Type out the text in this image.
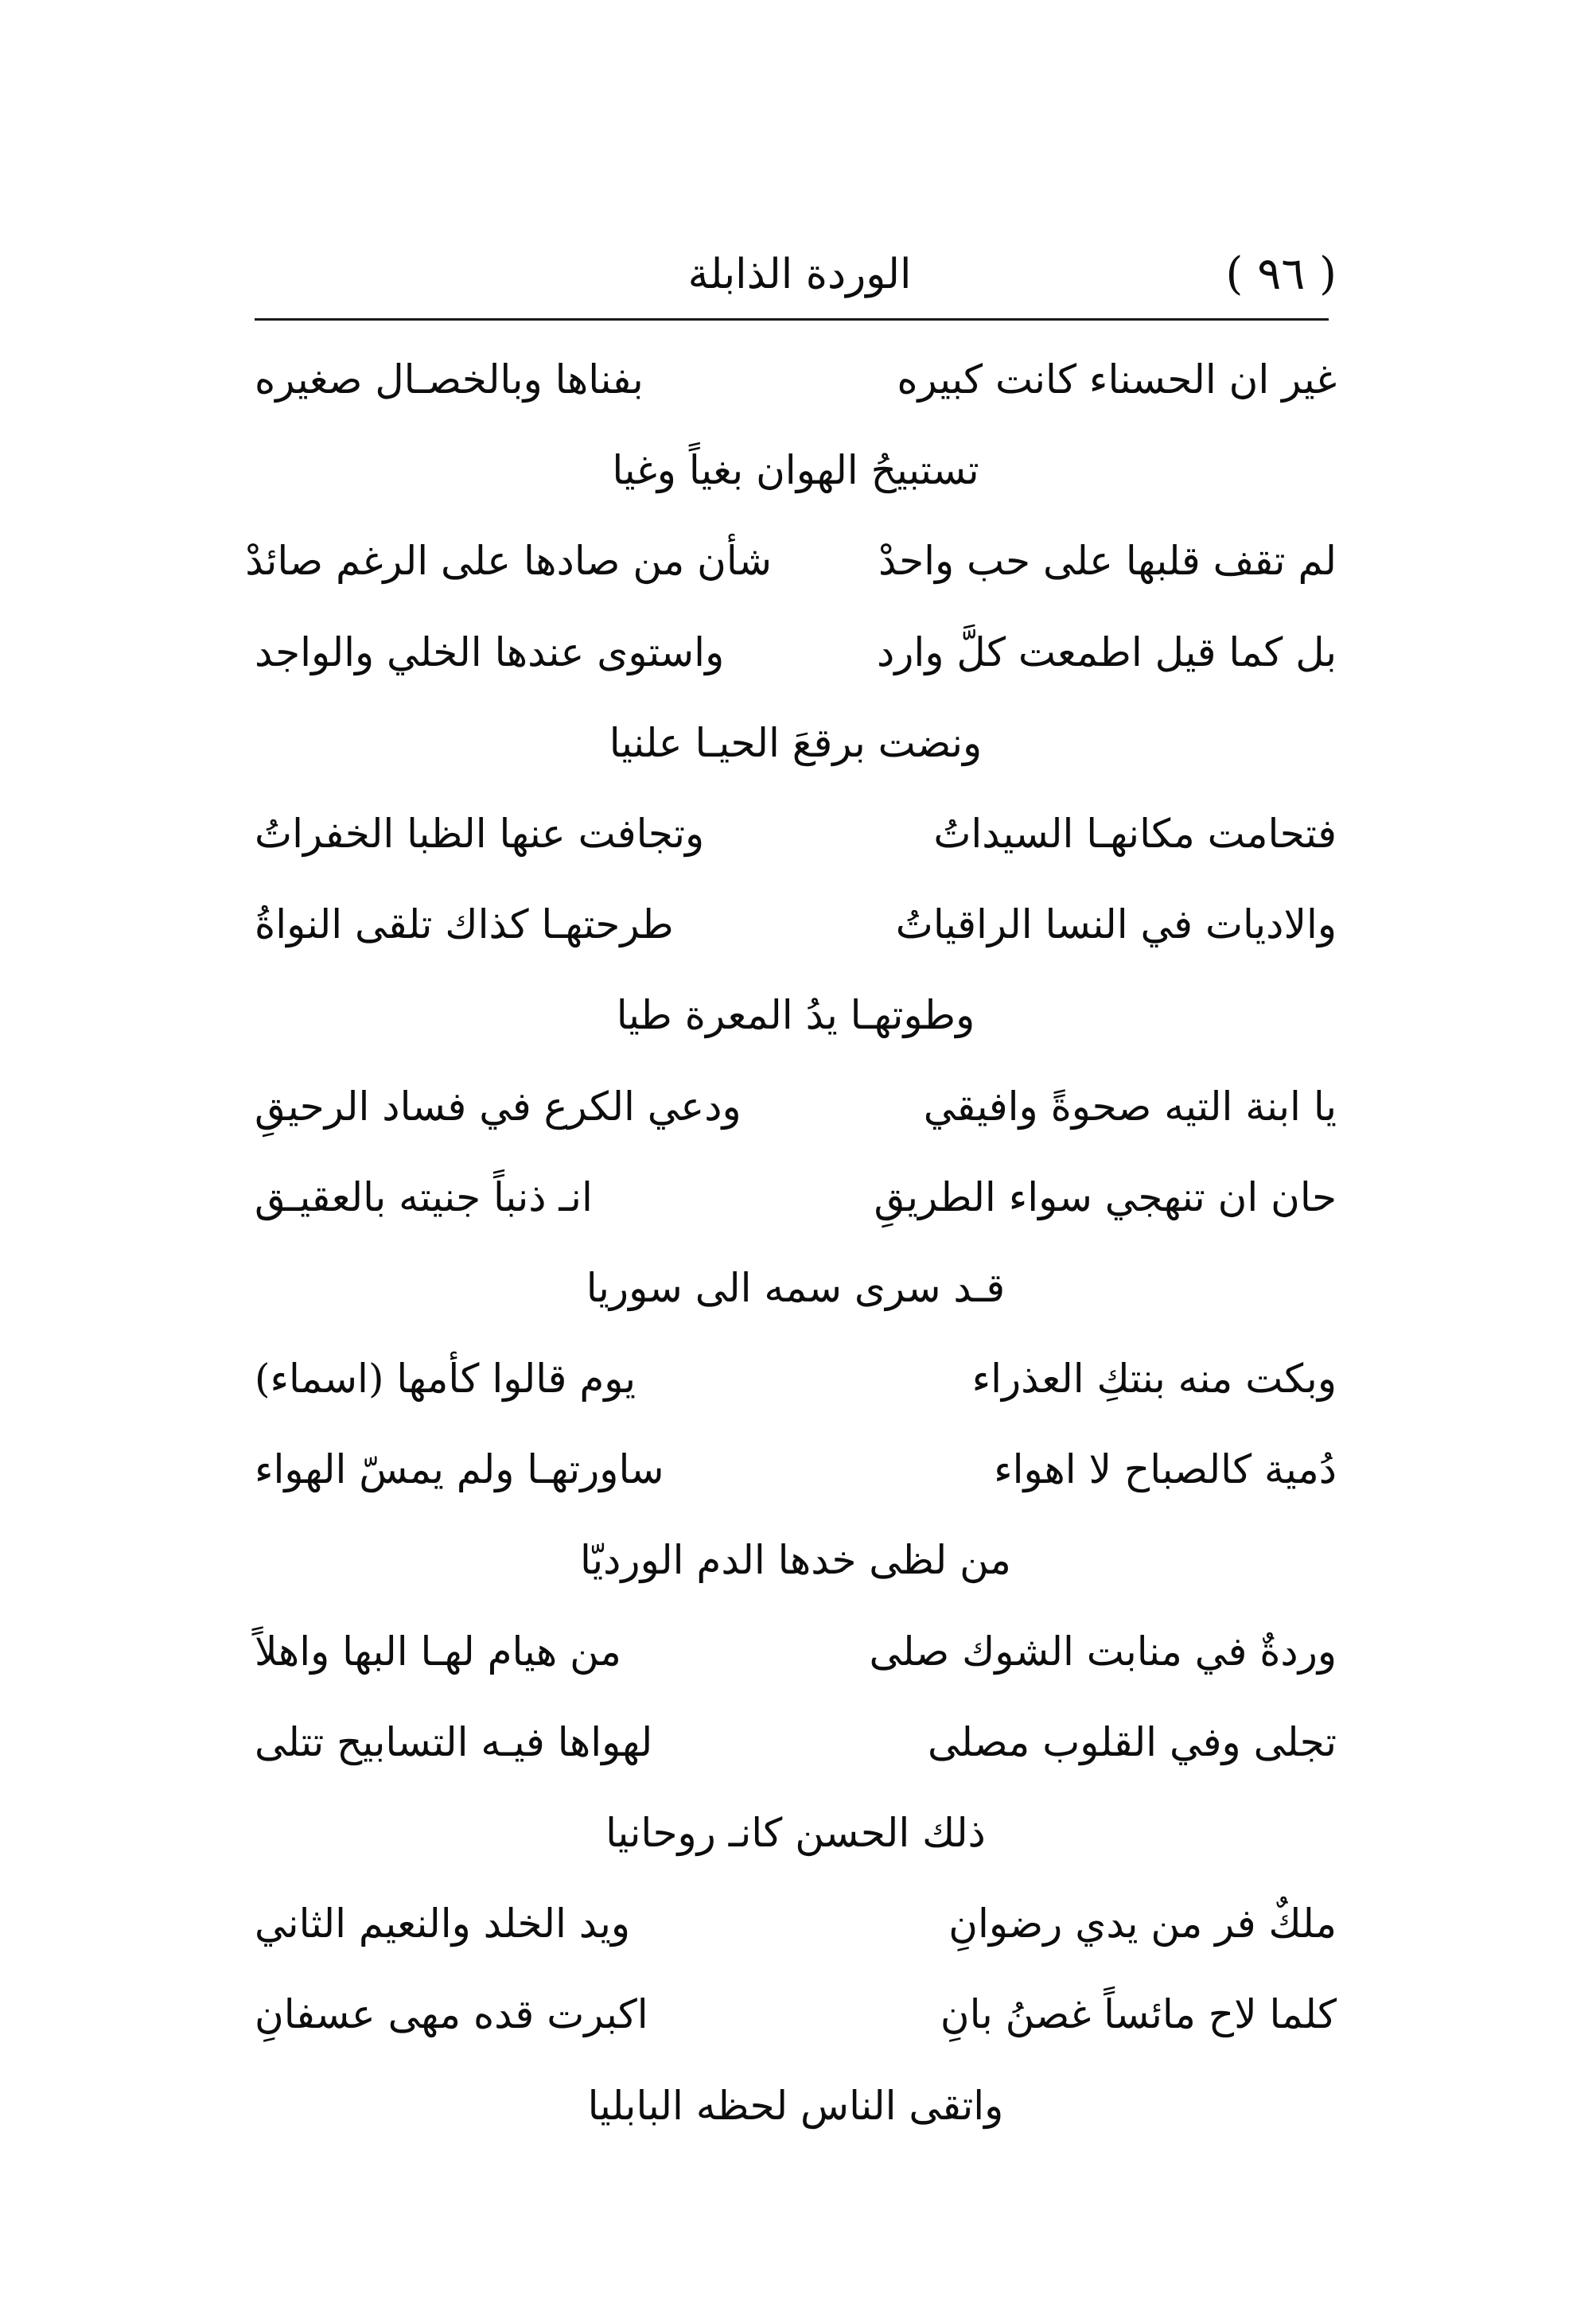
( ٩٦ )
الوردة الذابلة
غير ان الحسناء كانت كبيره
بفناها وبالخصـال صغيره
تستبيحُ الهوان بغياً وغيا
لم تقف قلبها على حب واحدْ
شأن من صادها على الرغم صائدْ
بل كما قيل اطمعت كلَّ وارد
واستوى عندها الخلي والواجد
ونضت برقعَ الحيـا علنيا
فتحامت مكانهـا السيداتُ
وتجافت عنها الظبا الخفراتُ
والاديات في النسا الراقياتُ
طرحتهـا كذاك تلقى النواةُ
وطوتهـا يدُ المعرة طيا
يا ابنة التيه صحوةً وافيقي
ودعي الكرع في فساد الرحيقِ
حان ان تنهجي سواء الطريقِ
انـ ذنباً جنيته بالعقيـق
قـد سرى سمه الى سوريا
وبكت منه بنتكِ العذراء
يوم قالوا كأمها (اسماء)
دُمية كالصباح لا اهواء
ساورتهـا ولم يمسّ الهواء
من لظى خدها الدم الورديّا
وردةٌ في منابت الشوك صلى
من هيام لهـا البها واهلاً
تجلى وفي القلوب مصلى
لهواها فيـه التسابيح تتلى
ذلك الحسن كانـ روحانيا
ملكٌ فر من يدي رضوانِ
ويد الخلد والنعيم الثاني
كلما لاح مائساً غصنُ بانِ
اكبرت قده مهى عسفانِ
واتقى الناس لحظه البابليا
